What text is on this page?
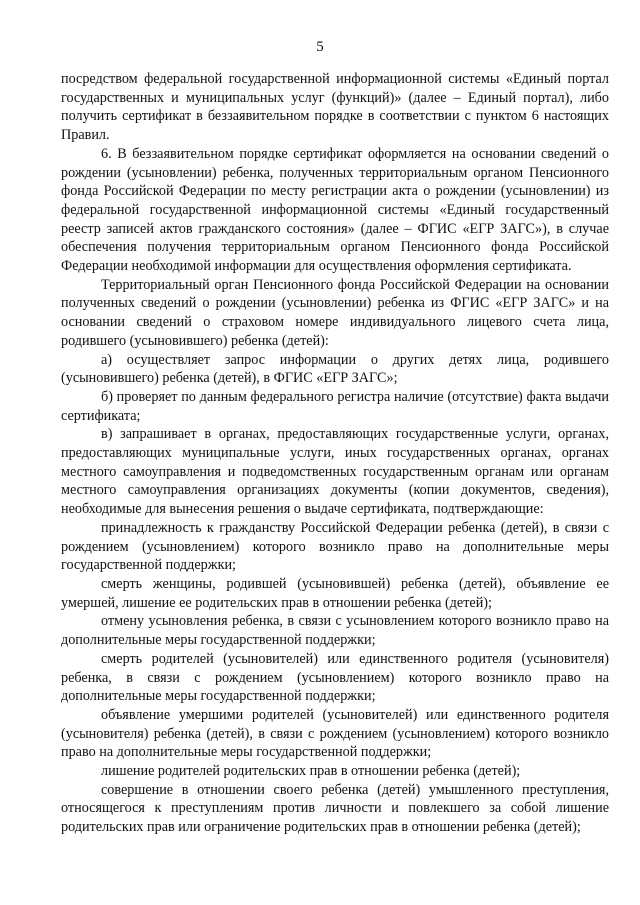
5

посредством федеральной государственной информационной системы «Единый портал государственных и муниципальных услуг (функций)» (далее – Единый портал), либо получить сертификат в беззаявительном порядке в соответствии с пунктом 6 настоящих Правил.

6. В беззаявительном порядке сертификат оформляется на основании сведений о рождении (усыновлении) ребенка, полученных территориальным органом Пенсионного фонда Российской Федерации по месту регистрации акта о рождении (усыновлении) из федеральной государственной информационной системы «Единый государственный реестр записей актов гражданского состояния» (далее – ФГИС «ЕГР ЗАГС»), в случае обеспечения получения территориальным органом Пенсионного фонда Российской Федерации необходимой информации для осуществления оформления сертификата.

Территориальный орган Пенсионного фонда Российской Федерации на основании полученных сведений о рождении (усыновлении) ребенка из ФГИС «ЕГР ЗАГС» и на основании сведений о страховом номере индивидуального лицевого счета лица, родившего (усыновившего) ребенка (детей):

а) осуществляет запрос информации о других детях лица, родившего (усыновившего) ребенка (детей), в ФГИС «ЕГР ЗАГС»;

б) проверяет по данным федерального регистра наличие (отсутствие) факта выдачи сертификата;

в) запрашивает в органах, предоставляющих государственные услуги, органах, предоставляющих муниципальные услуги, иных государственных органах, органах местного самоуправления и подведомственных государственным органам или органам местного самоуправления организациях документы (копии документов, сведения), необходимые для вынесения решения о выдаче сертификата, подтверждающие:

принадлежность к гражданству Российской Федерации ребенка (детей), в связи с рождением (усыновлением) которого возникло право на дополнительные меры государственной поддержки;

смерть женщины, родившей (усыновившей) ребенка (детей), объявление ее умершей, лишение ее родительских прав в отношении ребенка (детей);

отмену усыновления ребенка, в связи с усыновлением которого возникло право на дополнительные меры государственной поддержки;

смерть родителей (усыновителей) или единственного родителя (усыновителя) ребенка, в связи с рождением (усыновлением) которого возникло право на дополнительные меры государственной поддержки;

объявление умершими родителей (усыновителей) или единственного родителя (усыновителя) ребенка (детей), в связи с рождением (усыновлением) которого возникло право на дополнительные меры государственной поддержки;

лишение родителей родительских прав в отношении ребенка (детей);

совершение в отношении своего ребенка (детей) умышленного преступления, относящегося к преступлениям против личности и повлекшего за собой лишение родительских прав или ограничение родительских прав в отношении ребенка (детей);
